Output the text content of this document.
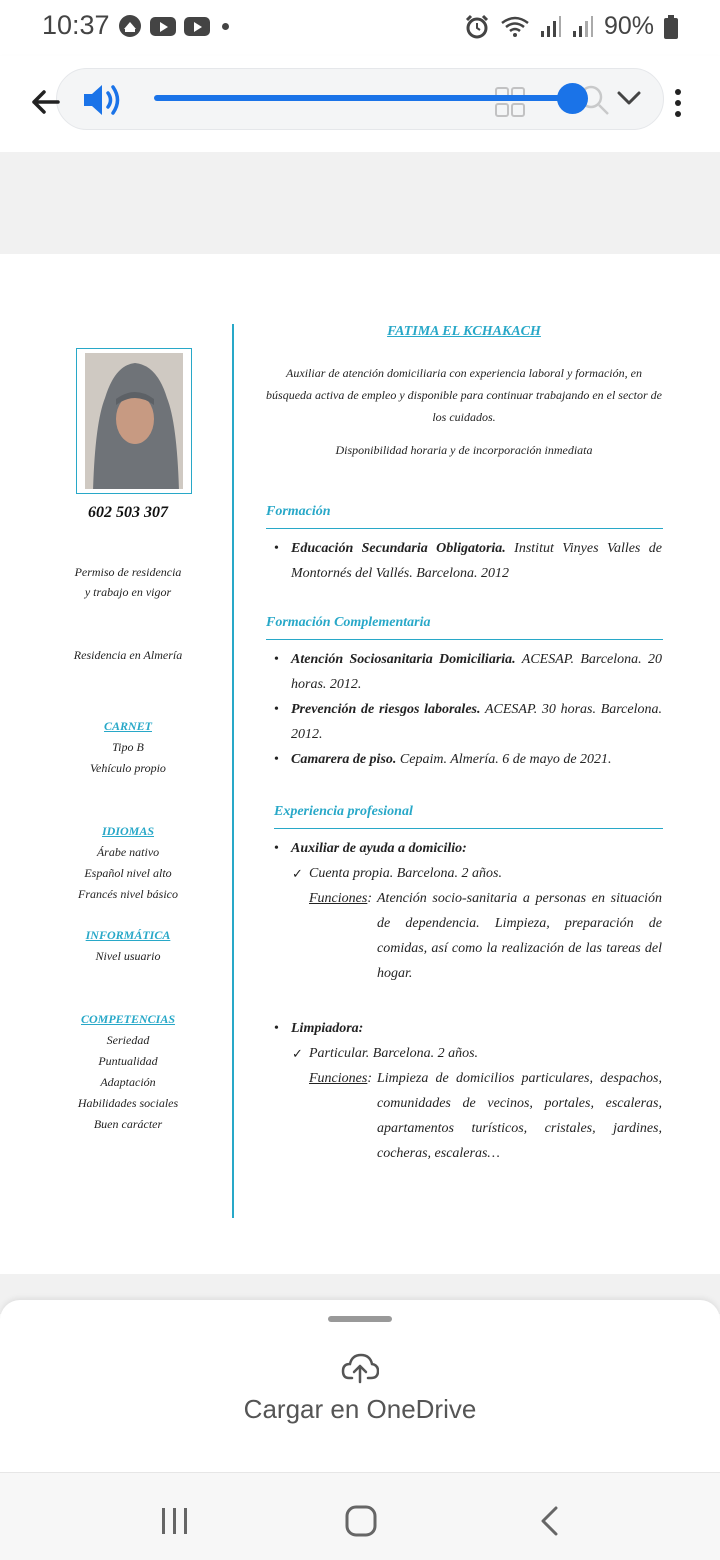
10:37	90%
602 503 307
Permiso de residencia
y trabajo en vigor
Residencia en Almería
CARNET
Tipo B
Vehículo propio
IDIOMAS
Árabe nativo
Español nivel alto
Francés nivel básico
INFORMÁTICA
Nivel usuario
COMPETENCIAS
Seriedad
Puntualidad
Adaptación
Habilidades sociales
Buen carácter
FATIMA EL KCHAKACH
Auxiliar de atención domiciliaria con experiencia laboral y formación, en búsqueda activa de empleo y disponible para continuar trabajando en el sector de los cuidados.
Disponibilidad horaria y de incorporación inmediata
Formación
• Educación Secundaria Obligatoria. Institut Vinyes Valles de Montornés del Vallés. Barcelona. 2012
Formación Complementaria
• Atención Sociosanitaria Domiciliaria. ACESAP. Barcelona. 20 horas. 2012.
• Prevención de riesgos laborales. ACESAP. 30 horas. Barcelona. 2012.
• Camarera de piso. Cepaim. Almería. 6 de mayo de 2021.
Experiencia profesional
• Auxiliar de ayuda a domicilio:
✓ Cuenta propia. Barcelona. 2 años.
Funciones: Atención socio-sanitaria a personas en situación de dependencia. Limpieza, preparación de comidas, así como la realización de las tareas del hogar.
• Limpiadora:
✓ Particular. Barcelona. 2 años.
Funciones: Limpieza de domicilios particulares, despachos, comunidades de vecinos, portales, escaleras, apartamentos turísticos, cristales, jardines, cocheras, escaleras…
Cargar en OneDrive
